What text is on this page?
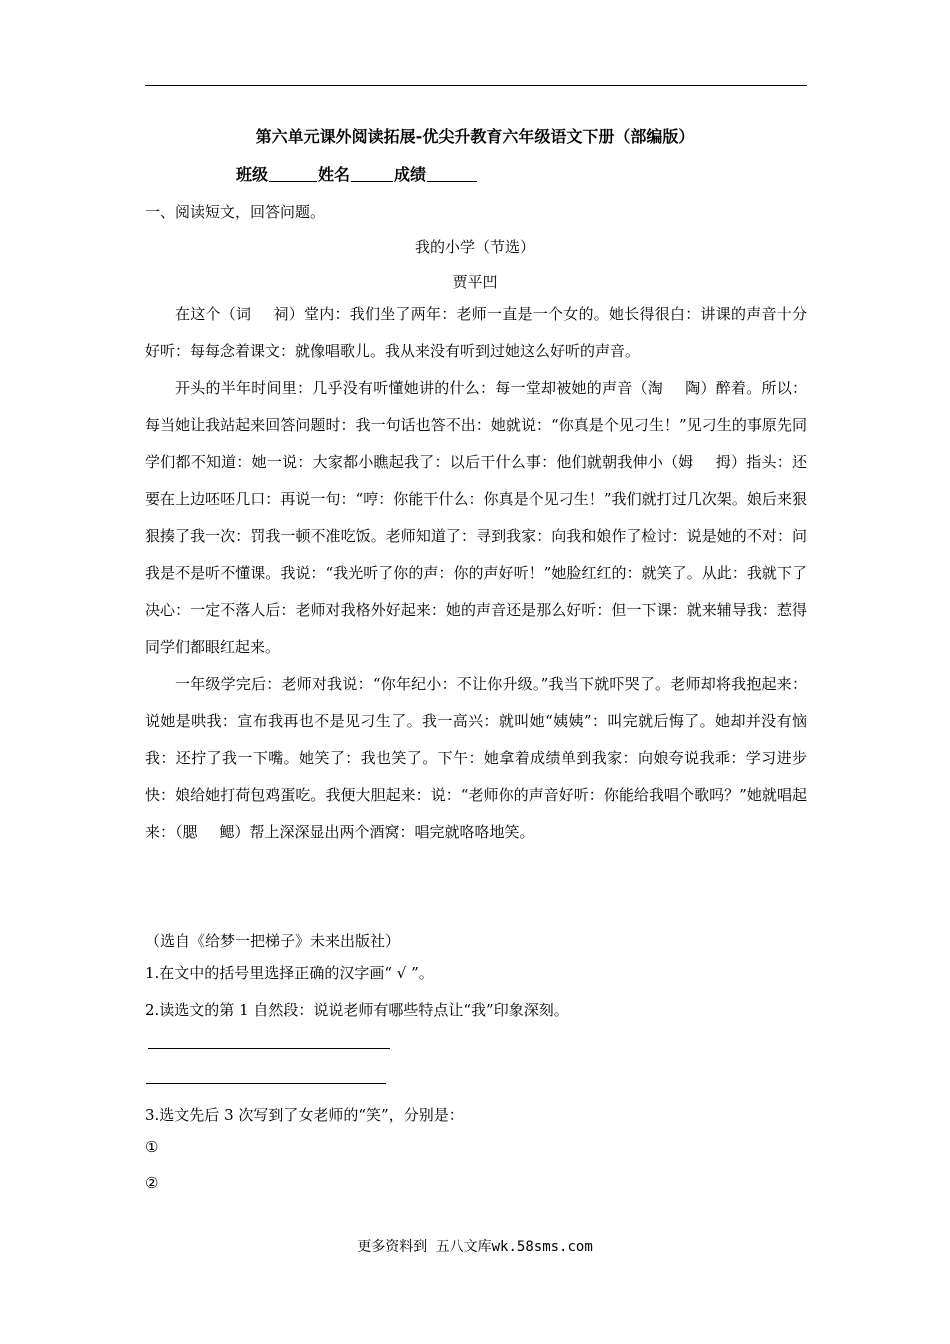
第六单元课外阅读拓展-优尖升教育六年级语文下册（部编版）
班级	姓名	成绩
一、阅读短文，回答问题。
我的小学（节选）
贾平凹

在这个（词 祠）堂内：我们坐了两年：老师一直是一个女的。她长得很白：讲课的声音十分好听：每每念着课文：就像唱歌儿。我从来没有听到过她这么好听的声音。

开头的半年时间里：几乎没有听懂她讲的什么：每一堂却被她的声音（淘 陶）醉着。所以：每当她让我站起来回答问题时：我一句话也答不出：她就说：“你真是个见刁生！”见刁生的事原先同学们都不知道：她一说：大家都小瞧起我了：以后干什么事：他们就朝我伸小（姆 拇）指头：还要在上边呸呸几口：再说一句：“哼：你能干什么：你真是个见刁生！”我们就打过几次架。娘后来狠狠揍了我一次：罚我一顿不准吃饭。老师知道了：寻到我家：向我和娘作了检讨：说是她的不对：问我是不是听不懂课。我说：“我光听了你的声：你的声好听！”她脸红红的：就笑了。从此：我就下了决心：一定不落人后：老师对我格外好起来：她的声音还是那么好听：但一下课：就来辅导我：惹得同学们都眼红起来。

一年级学完后：老师对我说：“你年纪小：不让你升级。”我当下就吓哭了。老师却将我抱起来：说她是哄我：宣布我再也不是见刁生了。我一高兴：就叫她“姨姨”：叫完就后悔了。她却并没有恼我：还拧了我一下嘴。她笑了：我也笑了。下午：她拿着成绩单到我家：向娘夸说我乖：学习进步快：娘给她打荷包鸡蛋吃。我便大胆起来：说：“老师你的声音好听：你能给我唱个歌吗？”她就唱起来：（腮 鳃）帮上深深显出两个酒窝：唱完就咯咯地笑。

（选自《给梦一把梯子》未来出版社）
1.在文中的括号里选择正确的汉字画“ √ ”。
2.读选文的第 1 自然段：说说老师有哪些特点让“我”印象深刻。
3.选文先后 3 次写到了女老师的“笑”，分别是：
①
②
更多资料到 五八文库wk.58sms.com
